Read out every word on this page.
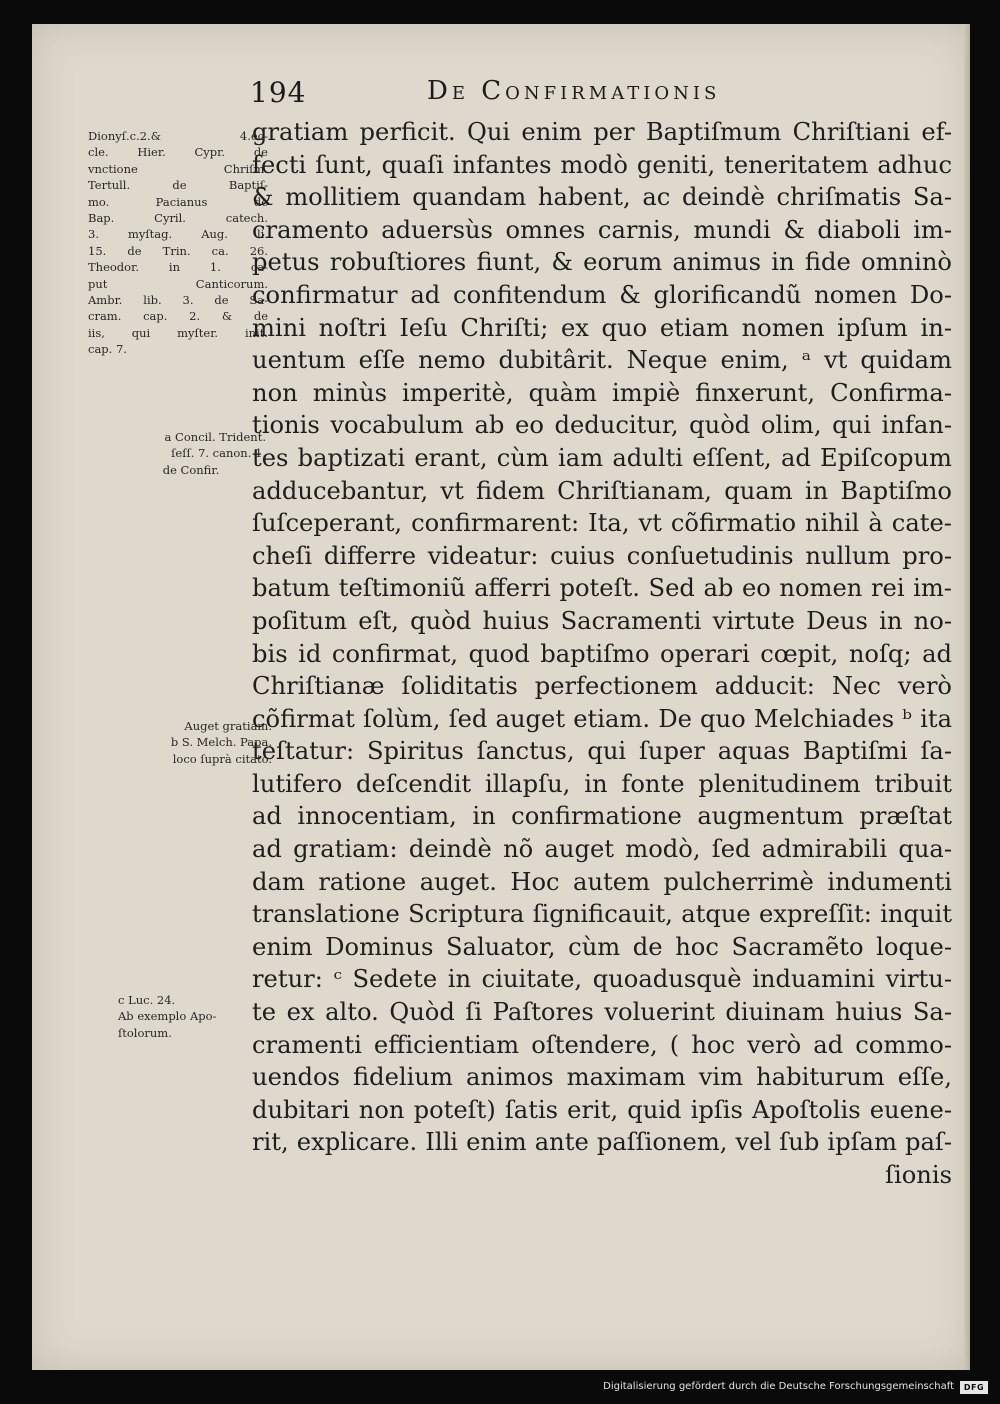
194	De Confirmationis
Dionyſ.c.2.& 4.ec-
cle. Hier. Cypr. de
vnctione Chriſm.
Tertull. de Baptiſ-
mo. Pacianus de
Bap. Cyril. catech.
3. myſtag. Aug. li.
15. de Trin. ca. 26.
Theodor. in 1. ca-
put Canticorum.
Ambr. lib. 3. de Sa-
cram. cap. 2. & de
iis, qui myſter. init.
cap. 7.
a Concil. Trident.
ſeſſ. 7. canon. 1.
de Confir.
Auget gratiam.
b S. Melch. Papa,
loco ſuprà citato.
c Luc. 24.
Ab exemplo Apo-
ſtolorum.
gratiam perficit. Qui enim per Baptiſmum Chriſtiani ef-
fecti ſunt, quaſi infantes modò geniti, teneritatem adhuc
& mollitiem quandam habent, ac deindè chriſmatis Sa-
cramento aduersùs omnes carnis, mundi & diaboli im-
petus robuſtiores fiunt, & eorum animus in fide omninò
confirmatur ad confitendum & glorificandũ nomen Do-
mini noſtri Ieſu Chriſti; ex quo etiam nomen ipſum in-
uentum eſſe nemo dubitârit. Neque enim, ᵃ vt quidam
non minùs imperitè, quàm impiè finxerunt, Confirma-
tionis vocabulum ab eo deducitur, quòd olim, qui infan-
tes baptizati erant, cùm iam adulti eſſent, ad Epiſcopum
adducebantur, vt fidem Chriſtianam, quam in Baptiſmo
ſuſceperant, confirmarent: Ita, vt cõfirmatio nihil à cate-
cheſi differre videatur: cuius conſuetudinis nullum pro-
batum teſtimoniũ afferri poteſt. Sed ab eo nomen rei im-
poſitum eſt, quòd huius Sacramenti virtute Deus in no-
bis id confirmat, quod baptiſmo operari cœpit, noſq; ad
Chriſtianæ ſoliditatis perfectionem adducit: Nec verò
cõfirmat ſolùm, ſed auget etiam. De quo Melchiades ᵇ ita
teſtatur: Spiritus ſanctus, qui ſuper aquas Baptiſmi ſa-
lutifero deſcendit illapſu, in fonte plenitudinem tribuit
ad innocentiam, in confirmatione augmentum præſtat
ad gratiam: deindè nõ auget modò, ſed admirabili qua-
dam ratione auget. Hoc autem pulcherrimè indumenti
translatione Scriptura ſignificauit, atque expreſſit: inquit
enim Dominus Saluator, cùm de hoc Sacramẽto loque-
retur: ᶜ Sedete in ciuitate, quoadusquè induamini virtu-
te ex alto. Quòd ſi Paſtores voluerint diuinam huius Sa-
cramenti efficientiam oſtendere, ( hoc verò ad commo-
uendos fidelium animos maximam vim habiturum eſſe,
dubitari non poteſt) ſatis erit, quid ipſis Apoſtolis euene-
rit, explicare. Illi enim ante paſſionem, vel ſub ipſam paſ-
ſionis
Digitalisierung gefördert durch die Deutsche Forschungsgemeinschaft	DFG
